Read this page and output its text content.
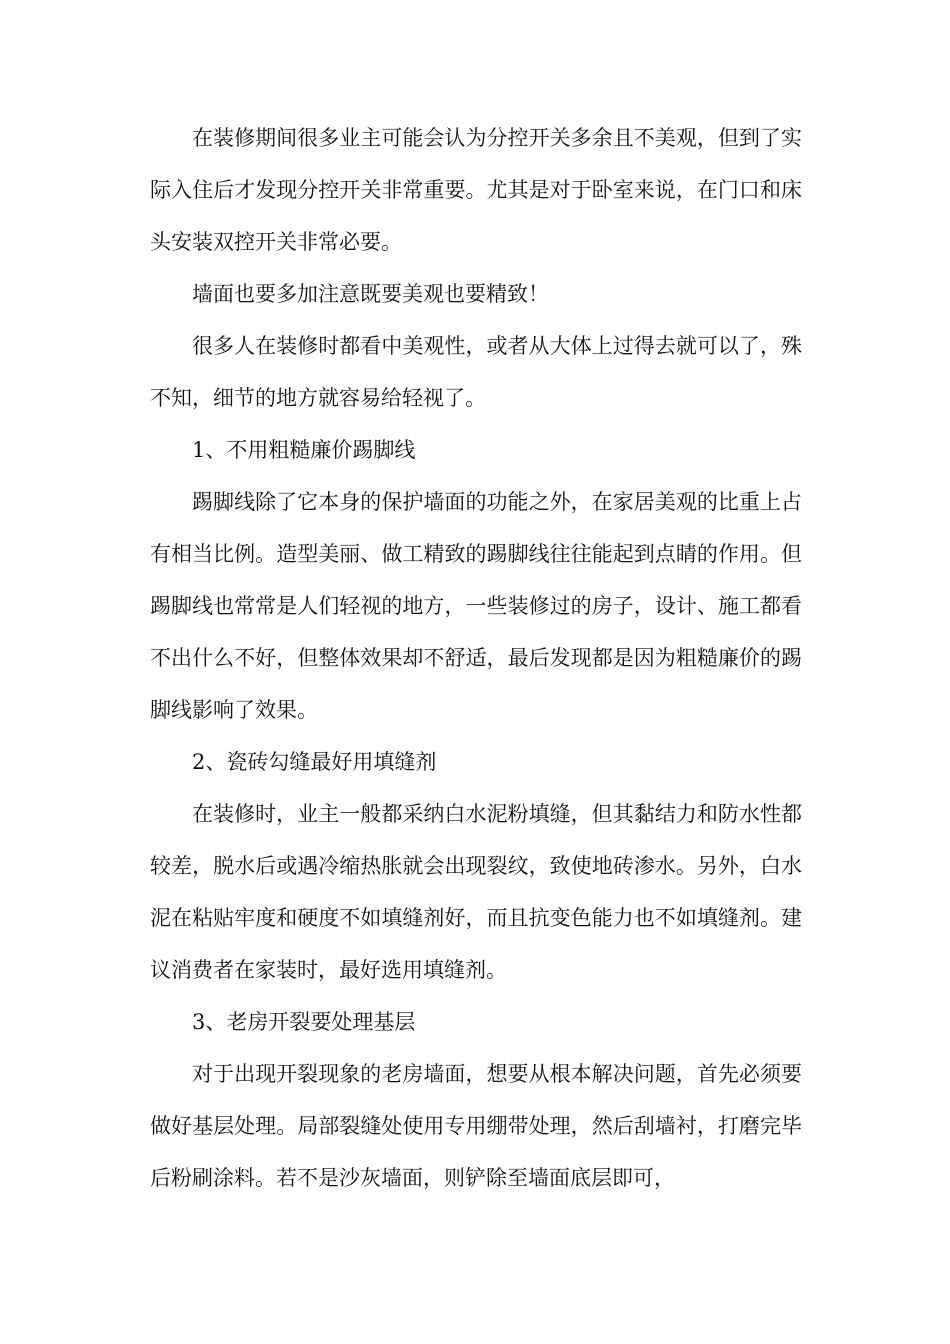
在装修期间很多业主可能会认为分控开关多余且不美观，但到了实际入住后才发现分控开关非常重要。尤其是对于卧室来说，在门口和床头安装双控开关非常必要。

墙面也要多加注意既要美观也要精致！

很多人在装修时都看中美观性，或者从大体上过得去就可以了，殊不知，细节的地方就容易给轻视了。

1、不用粗糙廉价踢脚线

踢脚线除了它本身的保护墙面的功能之外，在家居美观的比重上占有相当比例。造型美丽、做工精致的踢脚线往往能起到点睛的作用。但踢脚线也常常是人们轻视的地方，一些装修过的房子，设计、施工都看不出什么不好，但整体效果却不舒适，最后发现都是因为粗糙廉价的踢脚线影响了效果。

2、瓷砖勾缝最好用填缝剂

在装修时，业主一般都采纳白水泥粉填缝，但其黏结力和防水性都较差，脱水后或遇冷缩热胀就会出现裂纹，致使地砖渗水。另外，白水泥在粘贴牢度和硬度不如填缝剂好，而且抗变色能力也不如填缝剂。建议消费者在家装时，最好选用填缝剂。

3、老房开裂要处理基层

对于出现开裂现象的老房墙面，想要从根本解决问题，首先必须要做好基层处理。局部裂缝处使用专用绷带处理，然后刮墙衬，打磨完毕后粉刷涂料。若不是沙灰墙面，则铲除至墙面底层即可，
